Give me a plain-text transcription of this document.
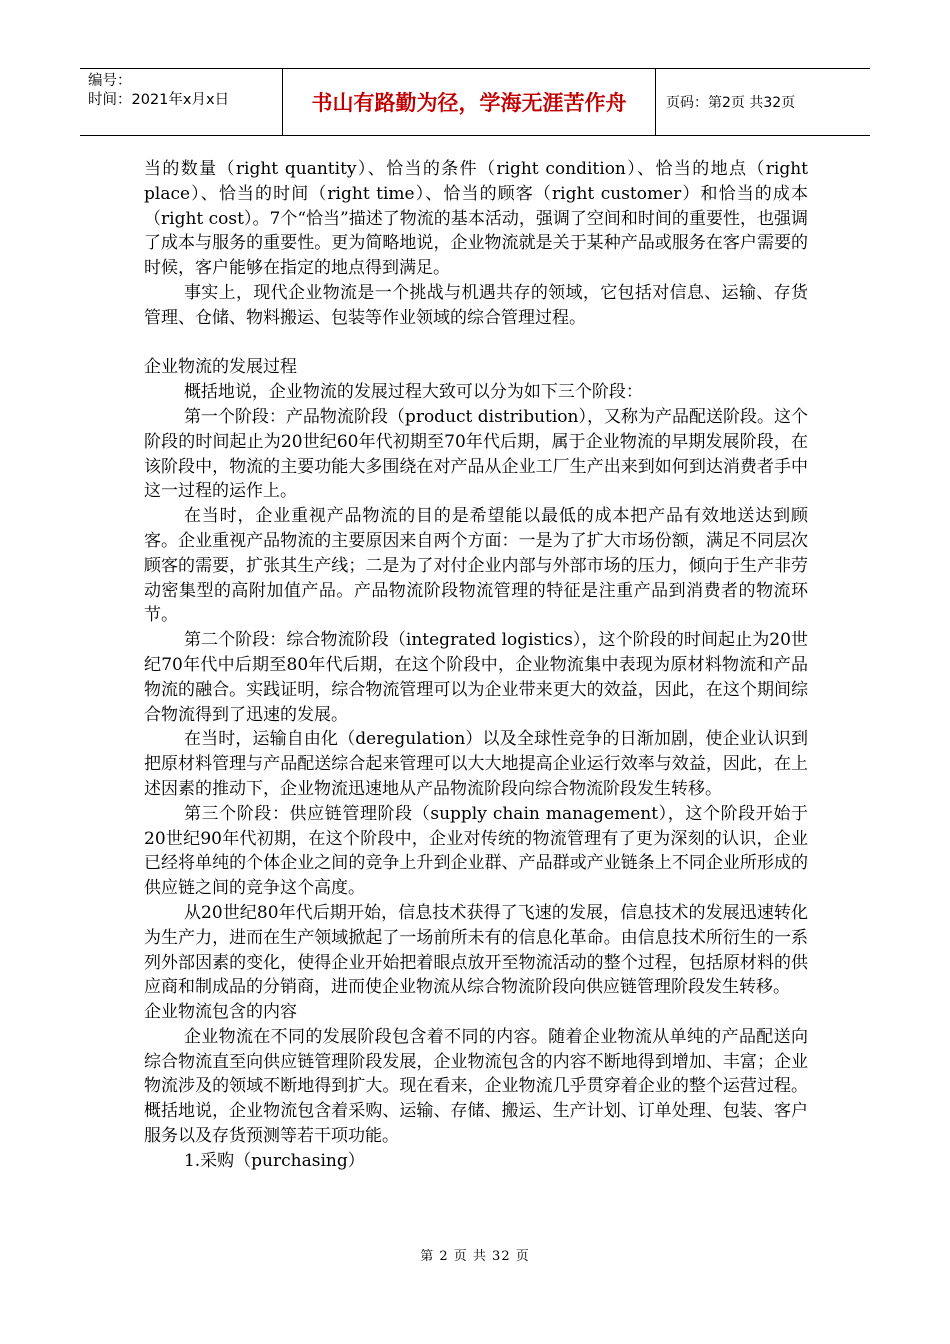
编号：
时间：2021年x月x日	书山有路勤为径，学海无涯苦作舟	页码：第2页 共32页

当的数量（right quantity）、恰当的条件（right condition）、恰当的地点（right place）、恰当的时间（right time）、恰当的顾客（right customer）和恰当的成本（right cost）。7个“恰当”描述了物流的基本活动，强调了空间和时间的重要性，也强调了成本与服务的重要性。更为简略地说，企业物流就是关于某种产品或服务在客户需要的时候，客户能够在指定的地点得到满足。

事实上，现代企业物流是一个挑战与机遇共存的领域，它包括对信息、运输、存货管理、仓储、物料搬运、包装等作业领域的综合管理过程。

企业物流的发展过程

概括地说，企业物流的发展过程大致可以分为如下三个阶段：

第一个阶段：产品物流阶段（product distribution），又称为产品配送阶段。这个阶段的时间起止为20世纪60年代初期至70年代后期，属于企业物流的早期发展阶段，在该阶段中，物流的主要功能大多围绕在对产品从企业工厂生产出来到如何到达消费者手中这一过程的运作上。

在当时，企业重视产品物流的目的是希望能以最低的成本把产品有效地送达到顾客。企业重视产品物流的主要原因来自两个方面：一是为了扩大市场份额，满足不同层次顾客的需要，扩张其生产线；二是为了对付企业内部与外部市场的压力，倾向于生产非劳动密集型的高附加值产品。产品物流阶段物流管理的特征是注重产品到消费者的物流环节。

第二个阶段：综合物流阶段（integrated logistics），这个阶段的时间起止为20世纪70年代中后期至80年代后期，在这个阶段中，企业物流集中表现为原材料物流和产品物流的融合。实践证明，综合物流管理可以为企业带来更大的效益，因此，在这个期间综合物流得到了迅速的发展。

在当时，运输自由化（deregulation）以及全球性竞争的日渐加剧，使企业认识到把原材料管理与产品配送综合起来管理可以大大地提高企业运行效率与效益，因此，在上述因素的推动下，企业物流迅速地从产品物流阶段向综合物流阶段发生转移。

第三个阶段：供应链管理阶段（supply chain management），这个阶段开始于20世纪90年代初期，在这个阶段中，企业对传统的物流管理有了更为深刻的认识，企业已经将单纯的个体企业之间的竞争上升到企业群、产品群或产业链条上不同企业所形成的供应链之间的竞争这个高度。

从20世纪80年代后期开始，信息技术获得了飞速的发展，信息技术的发展迅速转化为生产力，进而在生产领域掀起了一场前所未有的信息化革命。由信息技术所衍生的一系列外部因素的变化，使得企业开始把着眼点放开至物流活动的整个过程，包括原材料的供应商和制成品的分销商，进而使企业物流从综合物流阶段向供应链管理阶段发生转移。

企业物流包含的内容

企业物流在不同的发展阶段包含着不同的内容。随着企业物流从单纯的产品配送向综合物流直至向供应链管理阶段发展，企业物流包含的内容不断地得到增加、丰富；企业物流涉及的领域不断地得到扩大。现在看来，企业物流几乎贯穿着企业的整个运营过程。概括地说，企业物流包含着采购、运输、存储、搬运、生产计划、订单处理、包装、客户服务以及存货预测等若干项功能。

1.采购（purchasing）

第 2 页 共 32 页
